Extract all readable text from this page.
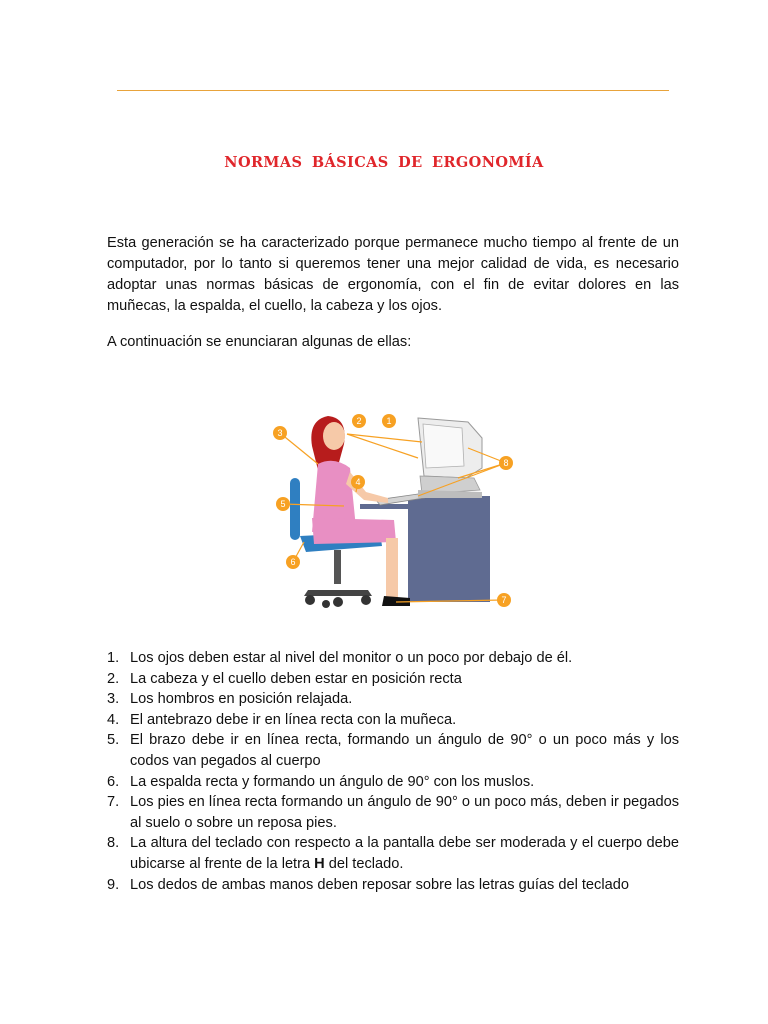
NORMAS BÁSICAS DE ERGONOMÍA

Esta generación se ha caracterizado porque permanece mucho tiempo al frente de un computador, por lo tanto si queremos tener una mejor calidad de vida, es necesario adoptar unas normas básicas de ergonomía, con el fin de evitar dolores en las muñecas, la espalda, el cuello, la cabeza y los ojos.

A continuación se enunciaran algunas de ellas:

1
2
3
4
5
6
7
8
1. Los ojos deben estar al nivel del monitor o un poco por debajo de él.
2. La cabeza y el cuello deben estar en posición recta
3. Los hombros en posición relajada.
4. El antebrazo debe ir en línea recta con la muñeca.
5. El brazo debe ir en línea recta, formando un ángulo de 90° o un poco más y los codos van pegados al cuerpo
6. La espalda recta y formando un ángulo de 90° con los muslos.
7. Los pies en línea recta formando un ángulo de 90° o un poco más, deben ir pegados al suelo o sobre un reposa pies.
8. La altura del teclado con respecto a la pantalla debe ser moderada y el cuerpo debe ubicarse al frente de la letra H del teclado.
9. Los dedos de ambas manos deben reposar sobre las letras guías del teclado
